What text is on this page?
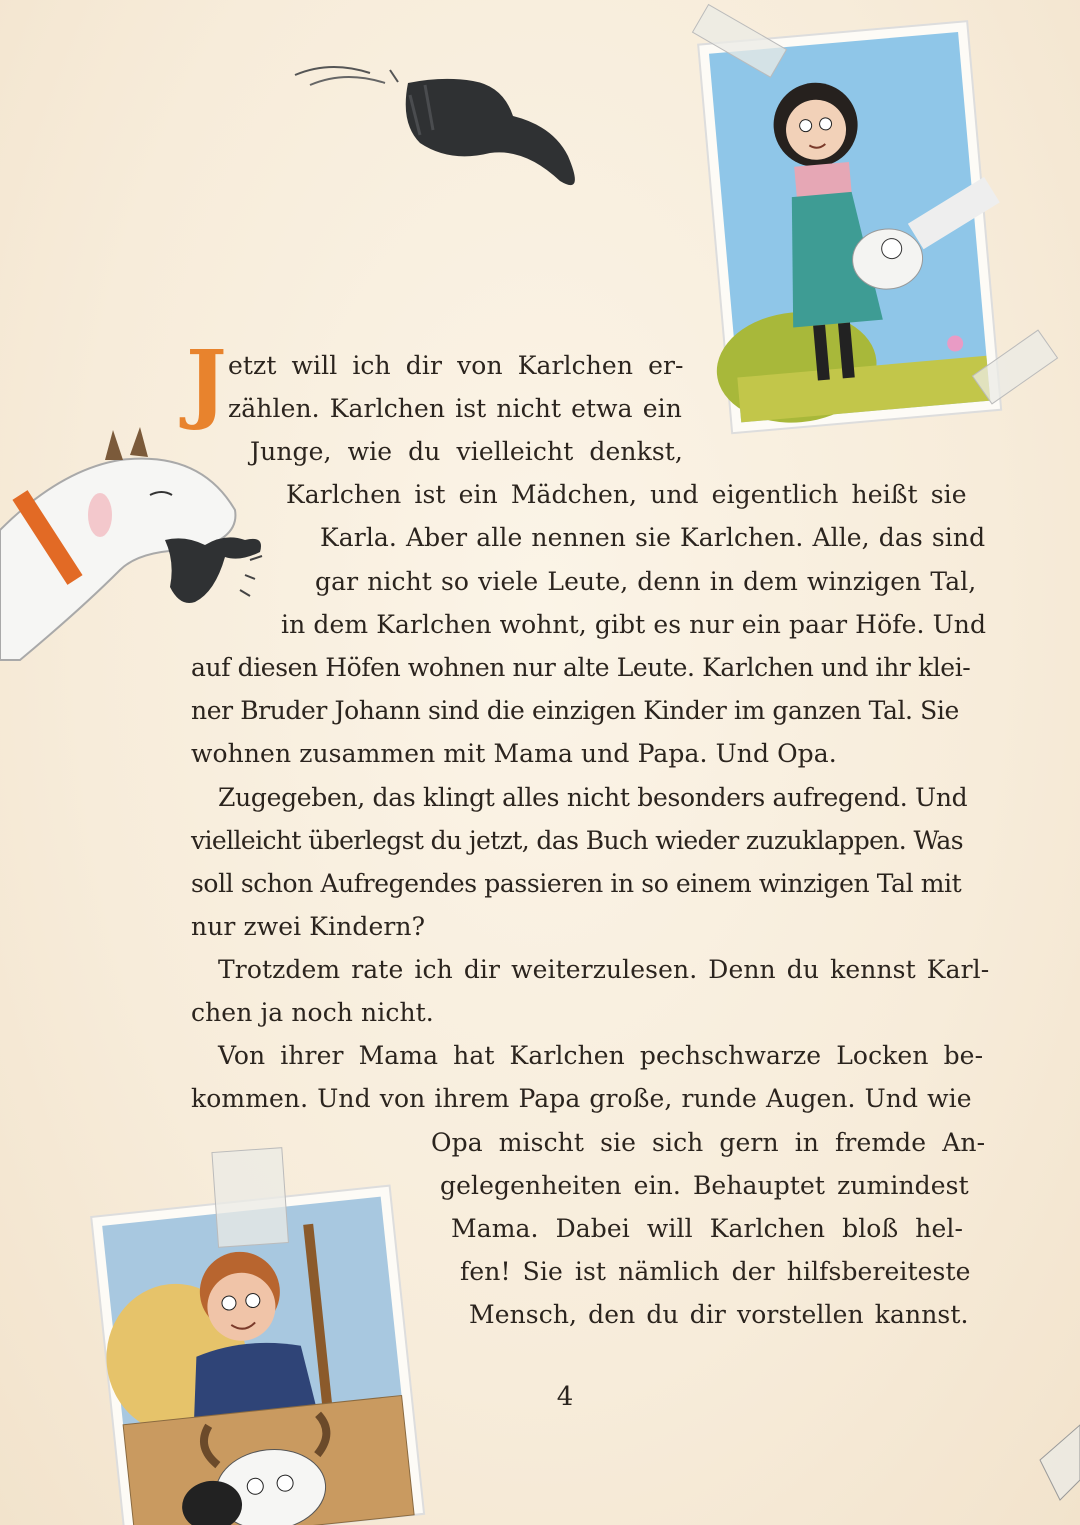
J etzt will ich dir von Karlchen er-

zählen. Karlchen ist nicht etwa ein

Junge, wie du vielleicht denkst,

Karlchen ist ein Mädchen, und eigentlich heißt sie

Karla. Aber alle nennen sie Karlchen. Alle, das sind

gar nicht so viele Leute, denn in dem winzigen Tal,

in dem Karlchen wohnt, gibt es nur ein paar Höfe. Und

auf diesen Höfen wohnen nur alte Leute. Karlchen und ihr klei-

ner Bruder Johann sind die einzigen Kinder im ganzen Tal. Sie

wohnen zusammen mit Mama und Papa. Und Opa.

Zugegeben, das klingt alles nicht besonders aufregend. Und

vielleicht überlegst du jetzt, das Buch wieder zuzuklappen. Was

soll schon Aufregendes passieren in so einem winzigen Tal mit

nur zwei Kindern?

Trotzdem rate ich dir weiterzulesen. Denn du kennst Karl-

chen ja noch nicht.

Von ihrer Mama hat Karlchen pechschwarze Locken be-

kommen. Und von ihrem Papa große, runde Augen. Und wie

Opa mischt sie sich gern in fremde An-

gelegenheiten ein. Behauptet zumindest

Mama. Dabei will Karlchen bloß hel-

fen! Sie ist nämlich der hilfsbereiteste

Mensch, den du dir vorstellen kannst.

4
